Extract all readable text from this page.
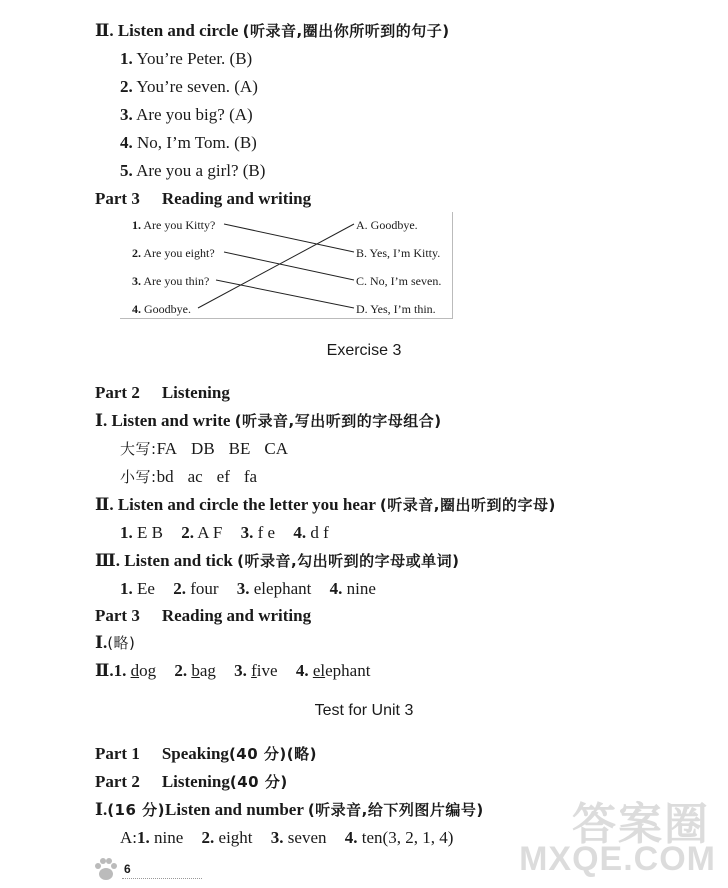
Ⅱ. Listen and circle (听录音,圈出你所听到的句子)
1. You’re Peter. (B)
2. You’re seven. (A)
3. Are you big? (A)
4. No, I’m Tom. (B)
5. Are you a girl? (B)
Part 3 Reading and writing
1. Are you Kitty?
2. Are you eight?
3. Are you thin?
4. Goodbye.
A. Goodbye.
B. Yes, I’m Kitty.
C. No, I’m seven.
D. Yes, I’m thin.
Exercise 3
Part 2 Listening
Ⅰ. Listen and write (听录音,写出听到的字母组合)
大写:FA DB BE CA
小写:bd ac ef fa
Ⅱ. Listen and circle the letter you hear (听录音,圈出听到的字母)
1. E B 2. A F 3. f e 4. d f
Ⅲ. Listen and tick (听录音,勾出听到的字母或单词)
1. Ee 2. four 3. elephant 4. nine
Part 3 Reading and writing
Ⅰ.(略)
Ⅱ.1. dog 2. bag 3. five 4. elephant
Test for Unit 3
Part 1 Speaking(40 分)(略)
Part 2 Listening(40 分)
Ⅰ.(16 分)Listen and number (听录音,给下列图片编号)
A:1. nine 2. eight 3. seven 4. ten(3, 2, 1, 4)
6
答案圈
MXQE.COM
